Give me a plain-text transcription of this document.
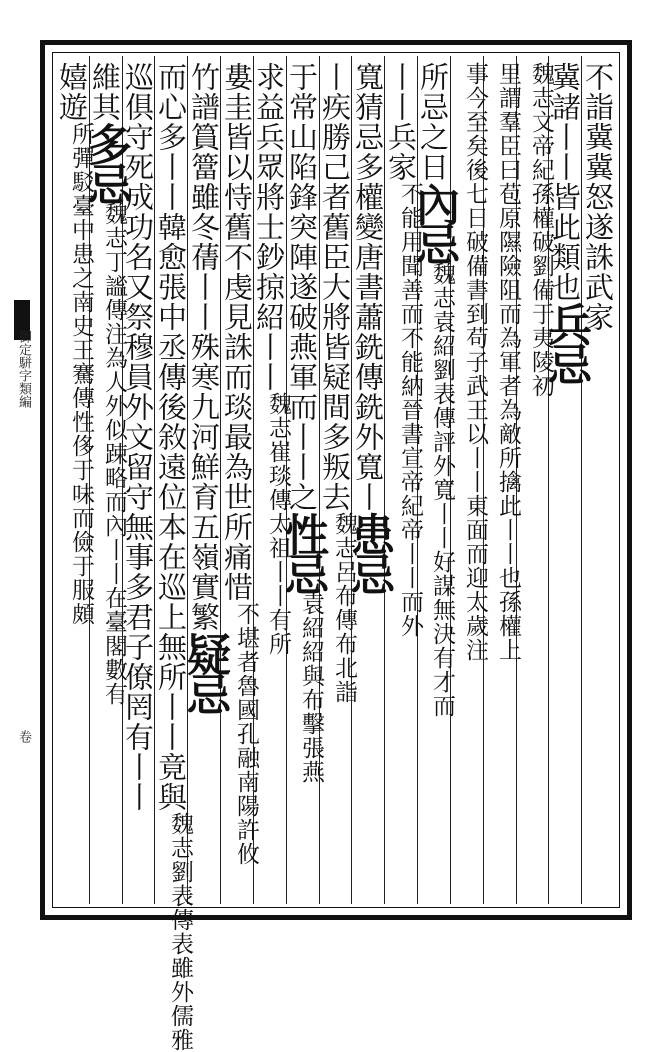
御定駢字類編
卷
不詣冀冀怒遂誅武家
冀諸丨丨皆此類也兵忌
魏志文帝紀孫權破劉備于夷陵初
里謂羣臣曰苞原隰險阻而為軍者為敵所擒此丨丨也孫權上
事今至矣後七日破備書到苟子武王以丨丨東面而迎太歲注
所忌之日內忌魏志袁紹劉表傳評外寬丨丨好謀無決有才而
丨丨兵家不能用聞善而不能納晉書宣帝紀帝丨丨而外
寬猜忌多權變唐書蕭銑傳銑外寬丨患忌
丨疾勝己者舊臣大將皆疑間多叛去魏志呂布傳布北詣
于常山陷鋒突陣遂破燕軍而丨丨之性忌袁紹紹與布擊張燕
求益兵眾將士鈔掠紹丨丨魏志崔琰傳太祖丨丨有所
婁圭皆以恃舊不虔見誅而琰最為世所痛惜不堪者魯國孔融南陽許攸
竹譜篔簹雖冬蒨丨丨殊寒九河鮮育五嶺實繁疑忌
而心多丨丨韓愈張中丞傳後敘遠位本在巡上無所丨丨竟與魏志劉表傳表雖外儒雅
巡俱守死成功名又祭穆員外文留守無事多君子僚罔有丨丨
維其多忌魏志丁謐傳注為人外似踈略而內丨丨在臺閣數有
嬉遊所彈駁臺中患之南史王騫傳性侈于味而儉于服頗
